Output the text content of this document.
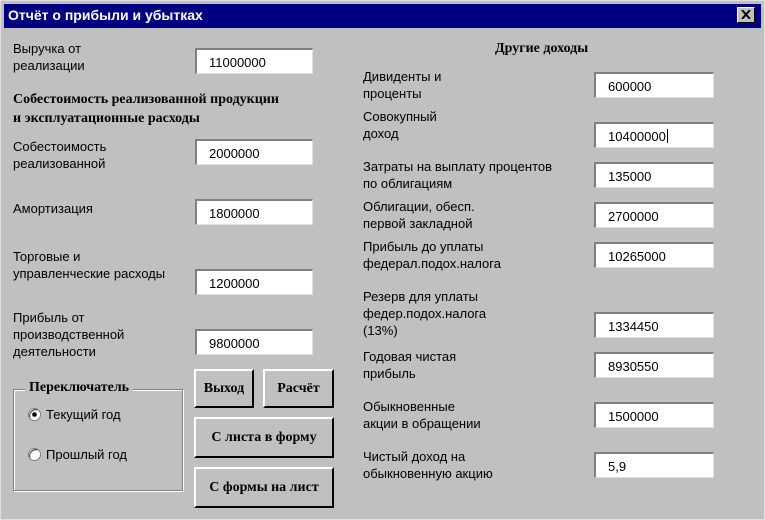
Отчёт о прибыли и убытках
Выручка от
реализации	11000000
Собестоимость реализованной продукции
и эксплуатационные расходы
Собестоимость
реализованной
2000000
Амортизация	1800000
Торговые и
управленческие расходы
1200000
Прибыль от
производственной
деятельности
9800000
Переключатель
Текущий год
Прошлый год
Выход	Расчёт
С листа в форму
С формы на лист
Другие доходы
Дивиденты и
проценты	600000
Совокупный
доход	10400000
Затраты на выплату процентов
по облигациям	135000
Облигации, обесп.
первой закладной	2700000
Прибыль до уплаты
федерал.подох.налога	10265000
Резерв для уплаты
федер.подох.налога
(13%)	1334450
Годовая чистая
прибыль	8930550
Обыкновенные
акции в обращении	1500000
Чистый доход на
обыкновенную акцию	5,9
